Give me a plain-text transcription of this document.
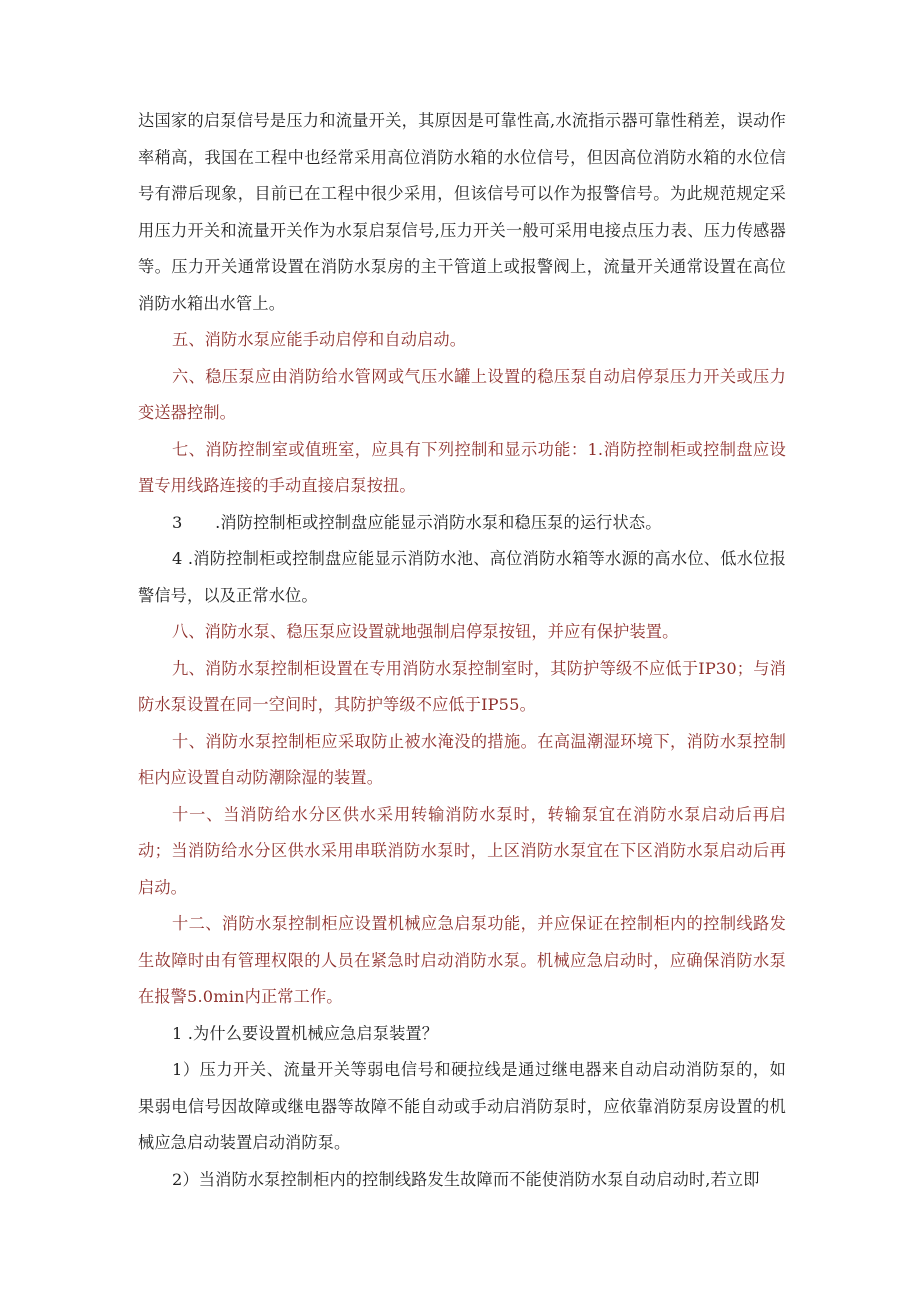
达国家的启泵信号是压力和流量开关，其原因是可靠性高,水流指示器可靠性稍差，误动作率稍高，我国在工程中也经常采用高位消防水箱的水位信号，但因高位消防水箱的水位信号有滞后现象，目前已在工程中很少采用，但该信号可以作为报警信号。为此规范规定采用压力开关和流量开关作为水泵启泵信号,压力开关一般可采用电接点压力表、压力传感器等。压力开关通常设置在消防水泵房的主干管道上或报警阀上，流量开关通常设置在高位消防水箱出水管上。

五、消防水泵应能手动启停和自动启动。

六、稳压泵应由消防给水管网或气压水罐上设置的稳压泵自动启停泵压力开关或压力变送器控制。

七、消防控制室或值班室，应具有下列控制和显示功能：1.消防控制柜或控制盘应设置专用线路连接的手动直接启泵按扭。

3　　.消防控制柜或控制盘应能显示消防水泵和稳压泵的运行状态。

4 .消防控制柜或控制盘应能显示消防水池、高位消防水箱等水源的高水位、低水位报警信号，以及正常水位。

八、消防水泵、稳压泵应设置就地强制启停泵按钮，并应有保护装置。

九、消防水泵控制柜设置在专用消防水泵控制室时，其防护等级不应低于IP30；与消防水泵设置在同一空间时，其防护等级不应低于IP55。

十、消防水泵控制柜应采取防止被水淹没的措施。在高温潮湿环境下，消防水泵控制柜内应设置自动防潮除湿的装置。

十一、当消防给水分区供水采用转输消防水泵时，转输泵宜在消防水泵启动后再启动；当消防给水分区供水采用串联消防水泵时，上区消防水泵宜在下区消防水泵启动后再启动。

十二、消防水泵控制柜应设置机械应急启泵功能，并应保证在控制柜内的控制线路发生故障时由有管理权限的人员在紧急时启动消防水泵。机械应急启动时，应确保消防水泵在报警5.0min内正常工作。

1 .为什么要设置机械应急启泵装置？

1）压力开关、流量开关等弱电信号和硬拉线是通过继电器来自动启动消防泵的，如果弱电信号因故障或继电器等故障不能自动或手动启消防泵时，应依靠消防泵房设置的机械应急启动装置启动消防泵。

2）当消防水泵控制柜内的控制线路发生故障而不能使消防水泵自动启动时,若立即
